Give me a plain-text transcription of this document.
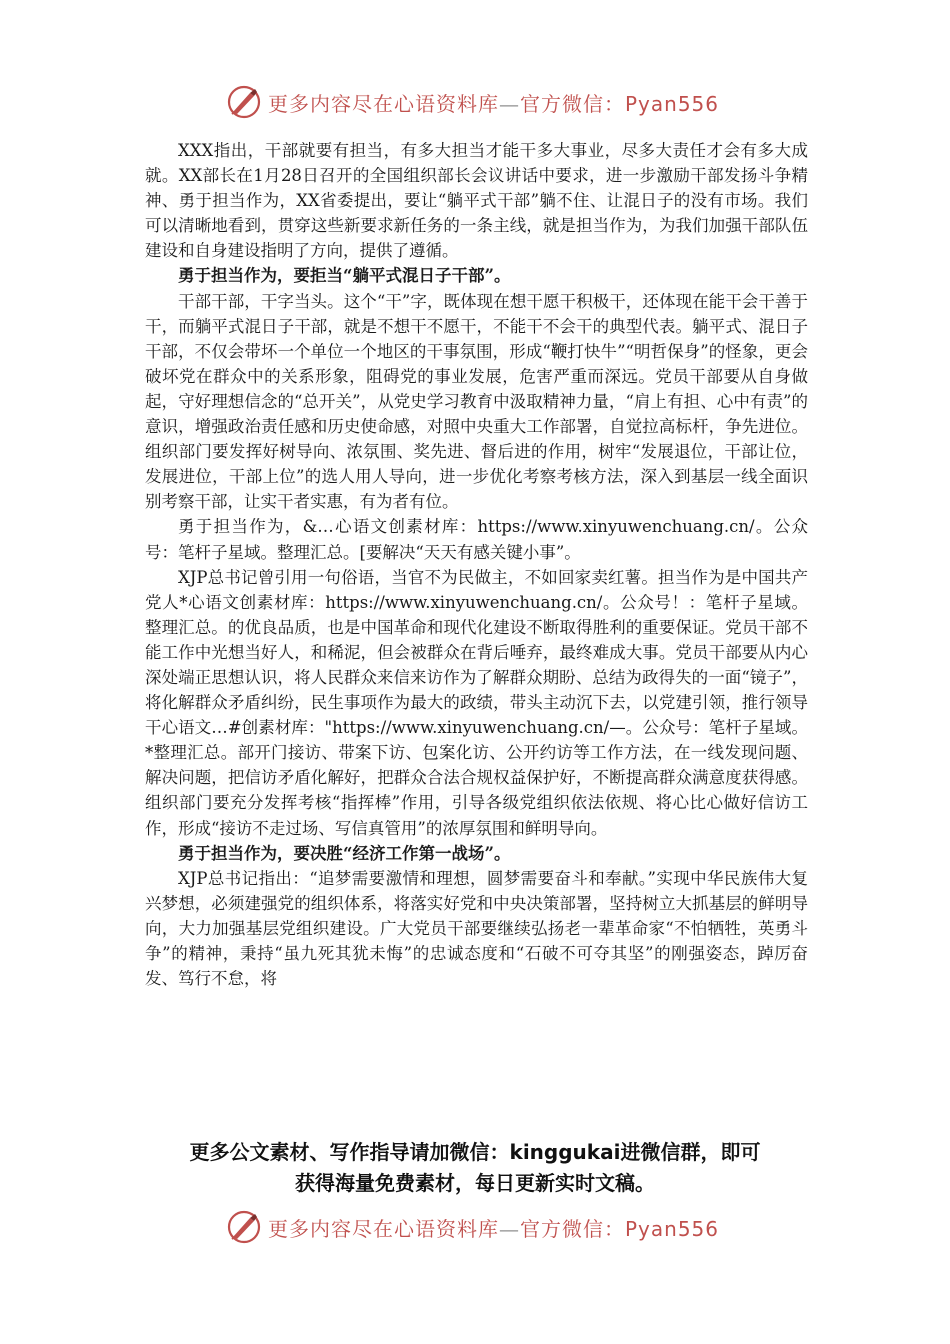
更多内容尽在心语资料库—官方微信：Pyan556

XXX指出，干部就要有担当，有多大担当才能干多大事业，尽多大责任才会有多大成就。XX部长在1月28日召开的全国组织部长会议讲话中要求，进一步激励干部发扬斗争精神、勇于担当作为，XX省委提出，要让“躺平式干部”躺不住、让混日子的没有市场。我们可以清晰地看到，贯穿这些新要求新任务的一条主线，就是担当作为，为我们加强干部队伍建设和自身建设指明了方向，提供了遵循。

勇于担当作为，要拒当“躺平式混日子干部”。

干部干部，干字当头。这个“干”字，既体现在想干愿干积极干，还体现在能干会干善于干，而躺平式混日子干部，就是不想干不愿干，不能干不会干的典型代表。躺平式、混日子干部，不仅会带坏一个单位一个地区的干事氛围，形成“鞭打快牛”“明哲保身”的怪象，更会破坏党在群众中的关系形象，阻碍党的事业发展，危害严重而深远。党员干部要从自身做起，守好理想信念的“总开关”，从党史学习教育中汲取精神力量，“肩上有担、心中有责”的意识，增强政治责任感和历史使命感，对照中央重大工作部署，自觉拉高标杆，争先进位。组织部门要发挥好树导向、浓氛围、奖先进、督后进的作用，树牢“发展退位，干部让位，发展进位，干部上位”的选人用人导向，进一步优化考察考核方法，深入到基层一线全面识别考察干部，让实干者实惠，有为者有位。

勇于担当作为，&…心语文创素材库：https://www.xinyuwenchuang.cn/。公众号：笔杆子星域。整理汇总。[要解决“天天有感关键小事”。

XJP总书记曾引用一句俗语，当官不为民做主，不如回家卖红薯。担当作为是中国共产党人*心语文创素材库：https://www.xinyuwenchuang.cn/。公众号！：笔杆子星域。整理汇总。的优良品质，也是中国革命和现代化建设不断取得胜利的重要保证。党员干部不能工作中光想当好人，和稀泥，但会被群众在背后唾弃，最终难成大事。党员干部要从内心深处端正思想认识，将人民群众来信来访作为了解群众期盼、总结为政得失的一面“镜子”，将化解群众矛盾纠纷，民生事项作为最大的政绩，带头主动沉下去，以党建引领，推行领导干心语文…#创素材库："https://www.xinyuwenchuang.cn/—。公众号：笔杆子星域。*整理汇总。部开门接访、带案下访、包案化访、公开约访等工作方法，在一线发现问题、解决问题，把信访矛盾化解好，把群众合法合规权益保护好，不断提高群众满意度获得感。组织部门要充分发挥考核“指挥棒”作用，引导各级党组织依法依规、将心比心做好信访工作，形成“接访不走过场、写信真管用”的浓厚氛围和鲜明导向。

勇于担当作为，要决胜“经济工作第一战场”。

XJP总书记指出：“追梦需要激情和理想，圆梦需要奋斗和奉献。”实现中华民族伟大复兴梦想，必须建强党的组织体系，将落实好党和中央决策部署，坚持树立大抓基层的鲜明导向，大力加强基层党组织建设。广大党员干部要继续弘扬老一辈革命家“不怕牺牲，英勇斗争”的精神，秉持“虽九死其犹未悔”的忠诚态度和“石破不可夺其坚”的刚强姿态，踔厉奋发、笃行不怠，将

更多公文素材、写作指导请加微信：kinggukai进微信群，即可
获得海量免费素材，每日更新实时文稿。
更多内容尽在心语资料库—官方微信：Pyan556
